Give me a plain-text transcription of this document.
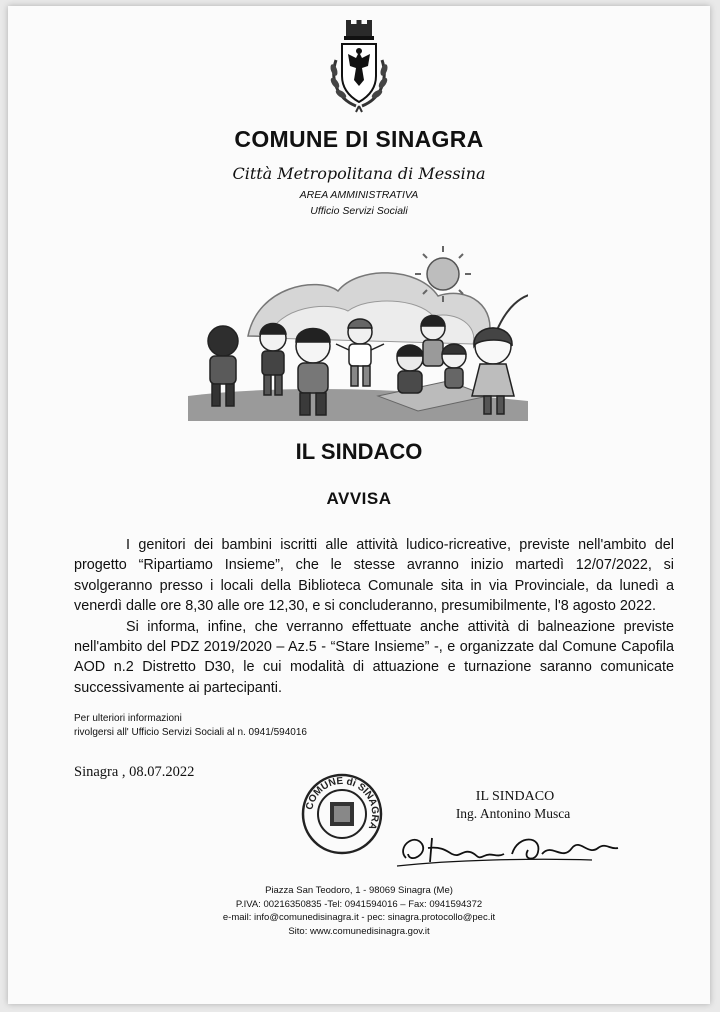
COMUNE DI SINAGRA
Città Metropolitana di Messina
AREA AMMINISTRATIVA
Ufficio Servizi Sociali
IL SINDACO
AVVISA

I genitori dei bambini iscritti alle attività ludico-ricreative, previste nell'ambito del progetto “Ripartiamo Insieme”, che le stesse avranno inizio martedì 12/07/2022, si svolgeranno presso i locali della Biblioteca Comunale sita in via Provinciale, da lunedì a venerdì dalle ore 8,30 alle ore 12,30, e si concluderanno, presumibilmente, l'8 agosto 2022.

Si informa, infine, che verranno effettuate anche attività di balneazione previste nell'ambito del PDZ 2019/2020 – Az.5 - “Stare Insieme” -, e organizzate dal Comune Capofila AOD n.2 Distretto D30, le cui modalità di attuazione e turnazione saranno comunicate successivamente ai partecipanti.

Per ulteriori informazioni
rivolgersi all' Ufficio Servizi Sociali al n. 0941/594016
Sinagra , 08.07.2022
COMUNE di SINAGRA
IL SINDACO
Ing. Antonino Musca
Piazza San Teodoro, 1 - 98069 Sinagra (Me)
P.IVA: 00216350835 -Tel: 0941594016 – Fax: 0941594372
e-mail: info@comunedisinagra.it - pec: sinagra.protocollo@pec.it
Sito: www.comunedisinagra.gov.it
